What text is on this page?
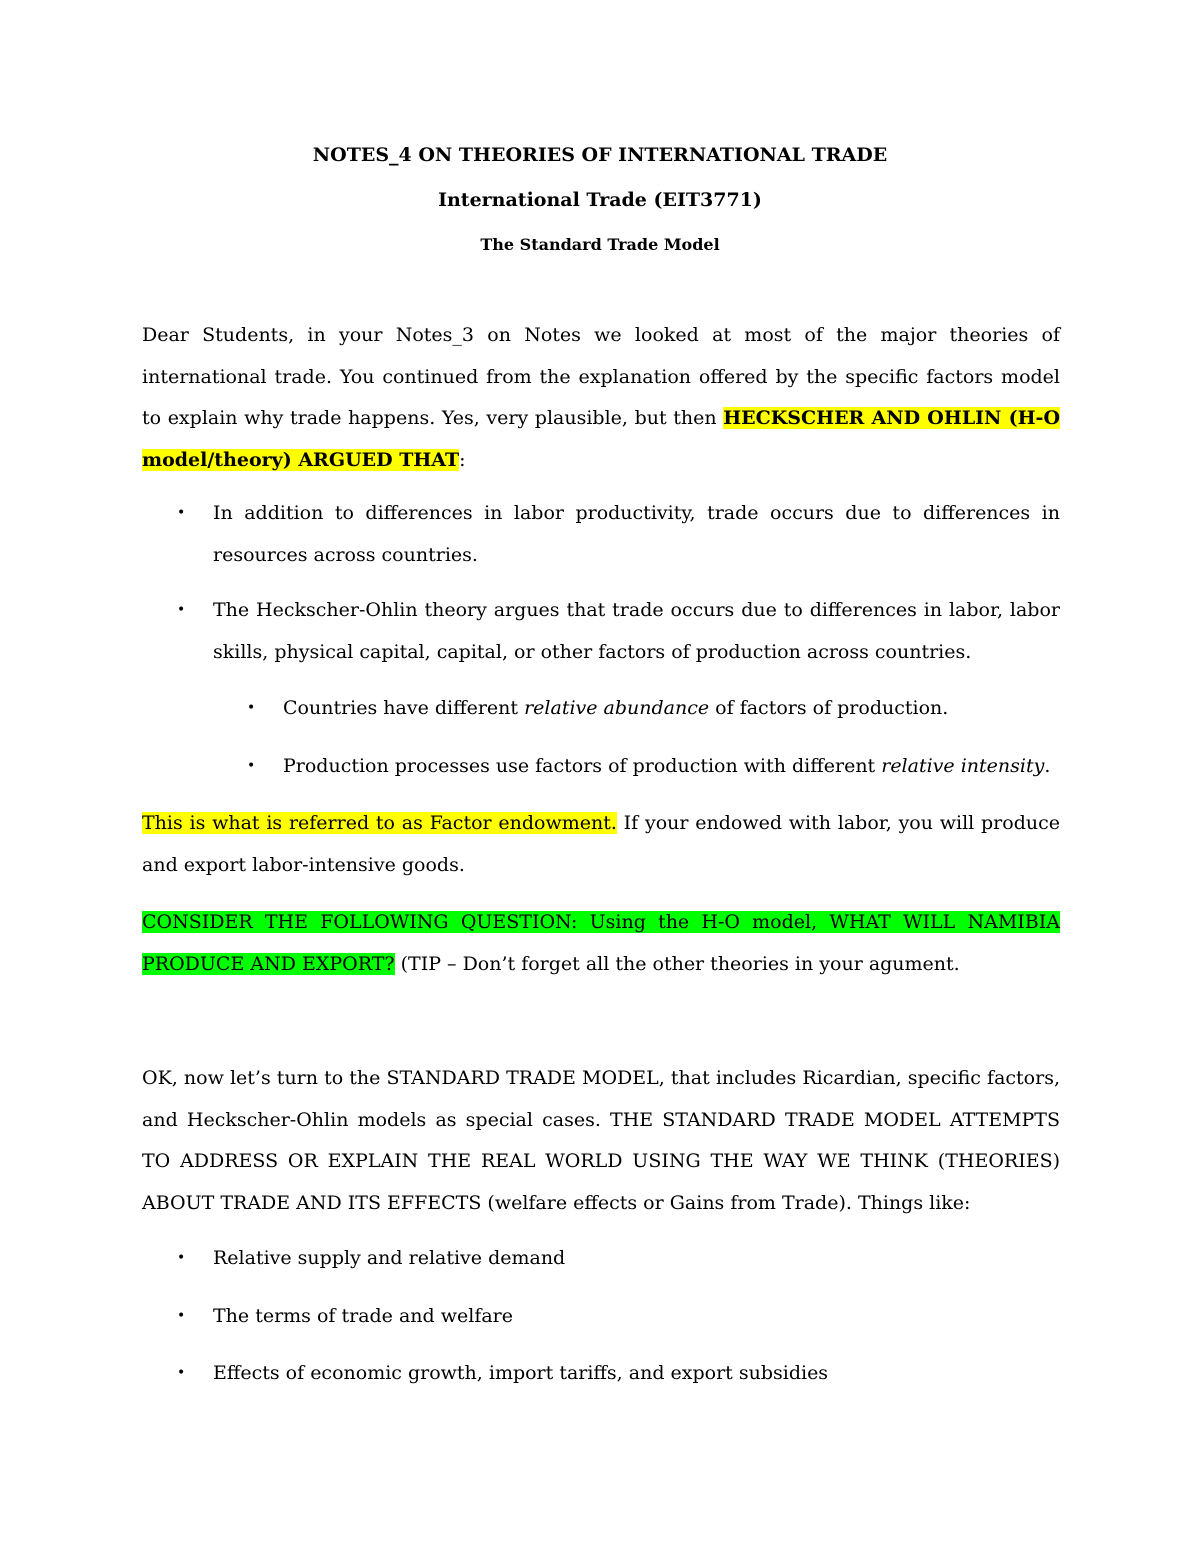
NOTES_4 ON THEORIES OF INTERNATIONAL TRADE
International Trade (EIT3771)
The Standard Trade Model

Dear Students, in your Notes_3 on Notes we looked at most of the major theories of international trade. You continued from the explanation offered by the specific factors model to explain why trade happens. Yes, very plausible, but then HECKSCHER AND OHLIN (H-O model/theory) ARGUED THAT:

• In addition to differences in labor productivity, trade occurs due to differences in resources across countries.
• The Heckscher-Ohlin theory argues that trade occurs due to differences in labor, labor skills, physical capital, capital, or other factors of production across countries.
• Countries have different relative abundance of factors of production.
• Production processes use factors of production with different relative intensity.

This is what is referred to as Factor endowment. If your endowed with labor, you will produce and export labor-intensive goods.

CONSIDER THE FOLLOWING QUESTION: Using the H-O model, WHAT WILL NAMIBIA PRODUCE AND EXPORT? (TIP – Don’t forget all the other theories in your agument.

OK, now let’s turn to the STANDARD TRADE MODEL, that includes Ricardian, specific factors, and Heckscher-Ohlin models as special cases. THE STANDARD TRADE MODEL ATTEMPTS TO ADDRESS OR EXPLAIN THE REAL WORLD USING THE WAY WE THINK (THEORIES) ABOUT TRADE AND ITS EFFECTS (welfare effects or Gains from Trade). Things like:

• Relative supply and relative demand
• The terms of trade and welfare
• Effects of economic growth, import tariffs, and export subsidies
